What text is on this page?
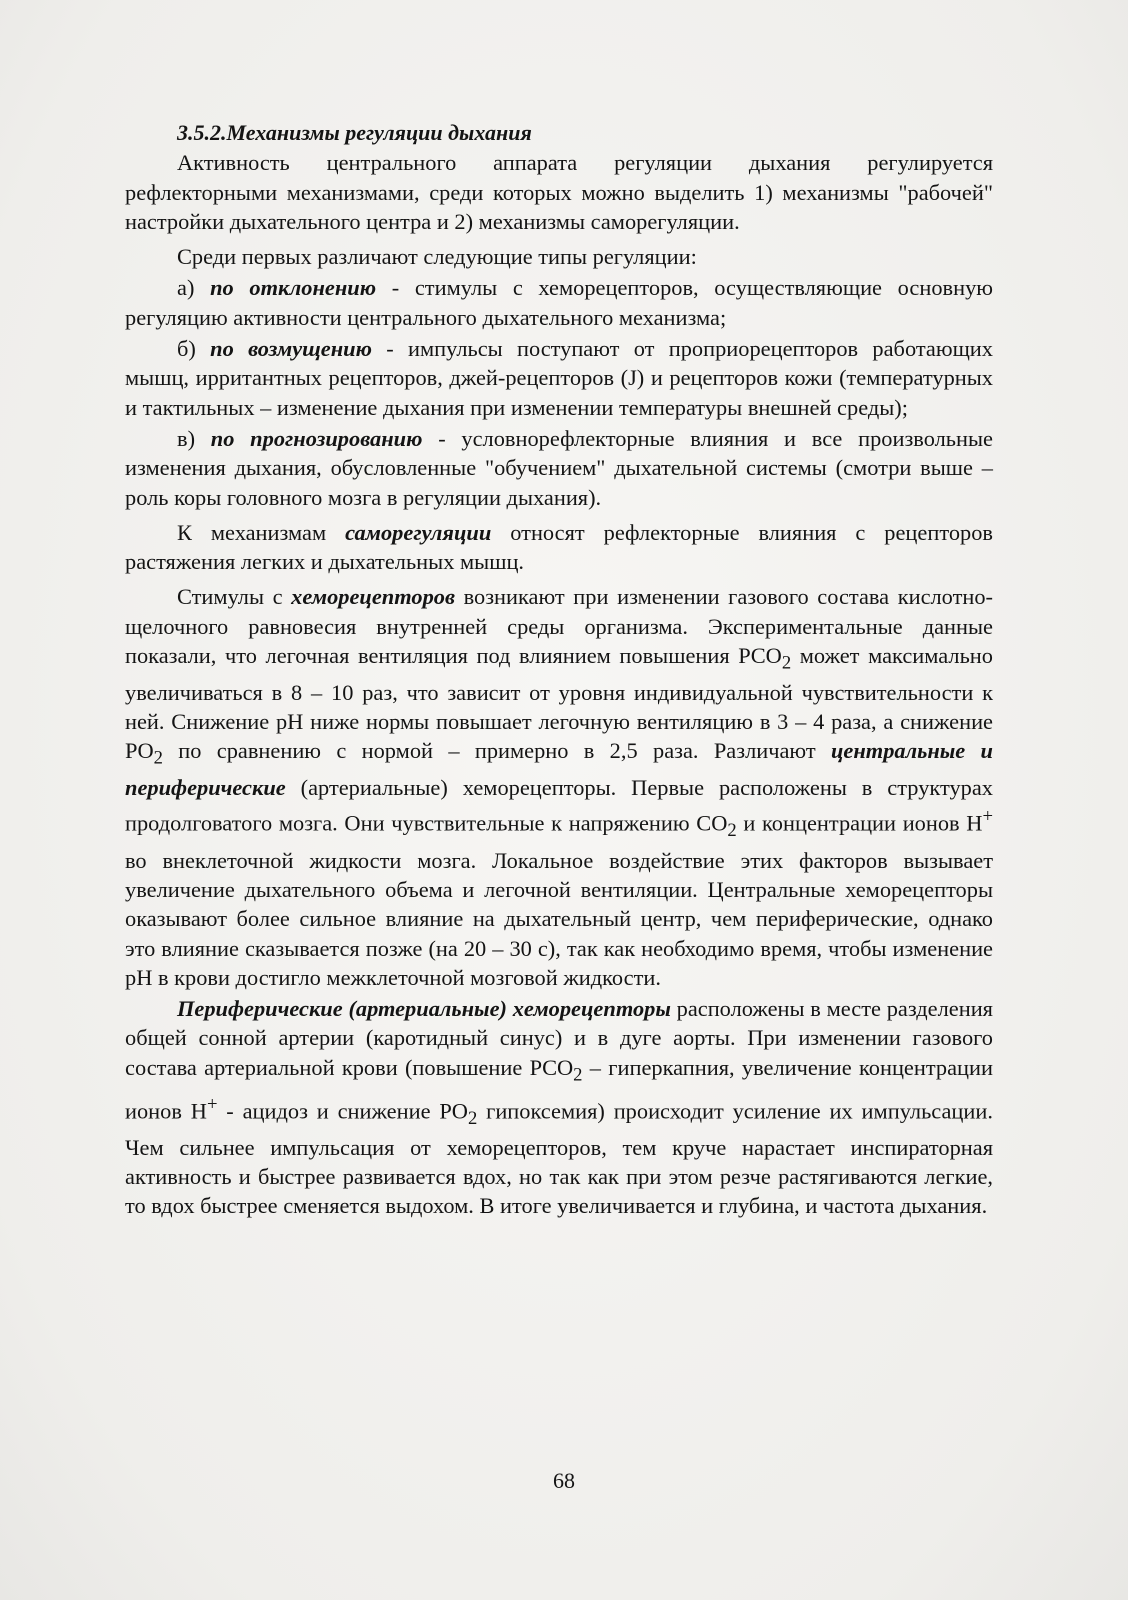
3.5.2.Механизмы регуляции дыхания

Активность центрального аппарата регуляции дыхания регулируется рефлекторными механизмами, среди которых можно выделить 1) механизмы "рабочей" настройки дыхательного центра и 2) механизмы саморегуляции.

Среди первых различают следующие типы регуляции:

а) по отклонению - стимулы с хеморецепторов, осуществляющие основную регуляцию активности центрального дыхательного механизма;

б) по возмущению - импульсы поступают от проприорецепторов работающих мышц, ирритантных рецепторов, джей-рецепторов (J) и рецепторов кожи (температурных и тактильных – изменение дыхания при изменении температуры внешней среды);

в) по прогнозированию - условнорефлекторные влияния и все произвольные изменения дыхания, обусловленные "обучением" дыхательной системы (смотри выше – роль коры головного мозга в регуляции дыхания).

К механизмам саморегуляции относят рефлекторные влияния с рецепторов растяжения легких и дыхательных мышц.

Стимулы с хеморецепторов возникают при изменении газового состава кислотно-щелочного равновесия внутренней среды организма. Экспериментальные данные показали, что легочная вентиляция под влиянием повышения $PCO_2$ может максимально увеличиваться в 8 – 10 раз, что зависит от уровня индивидуальной чувствительности к ней. Снижение pH ниже нормы повышает легочную вентиляцию в 3 – 4 раза, а снижение $PO_2$ по сравнению с нормой – примерно в 2,5 раза. Различают центральные и периферические (артериальные) хеморецепторы. Первые расположены в структурах продолговатого мозга. Они чувствительные к напряжению $CO_2$ и концентрации ионов H+ во внеклеточной жидкости мозга. Локальное воздействие этих факторов вызывает увеличение дыхательного объема и легочной вентиляции. Центральные хеморецепторы оказывают более сильное влияние на дыхательный центр, чем периферические, однако это влияние сказывается позже (на 20 – 30 с), так как необходимо время, чтобы изменение pH в крови достигло межклеточной мозговой жидкости.

Периферические (артериальные) хеморецепторы расположены в месте разделения общей сонной артерии (каротидный синус) и в дуге аорты. При изменении газового состава артериальной крови (повышение $PCO_2$ – гиперкапния, увеличение концентрации ионов H+ - ацидоз и снижение $PO_2$ гипоксемия) происходит усиление их импульсации. Чем сильнее импульсация от хеморецепторов, тем круче нарастает инспираторная активность и быстрее развивается вдох, но так как при этом резче растягиваются легкие, то вдох быстрее сменяется выдохом. В итоге увеличивается и глубина, и частота дыхания.

68
